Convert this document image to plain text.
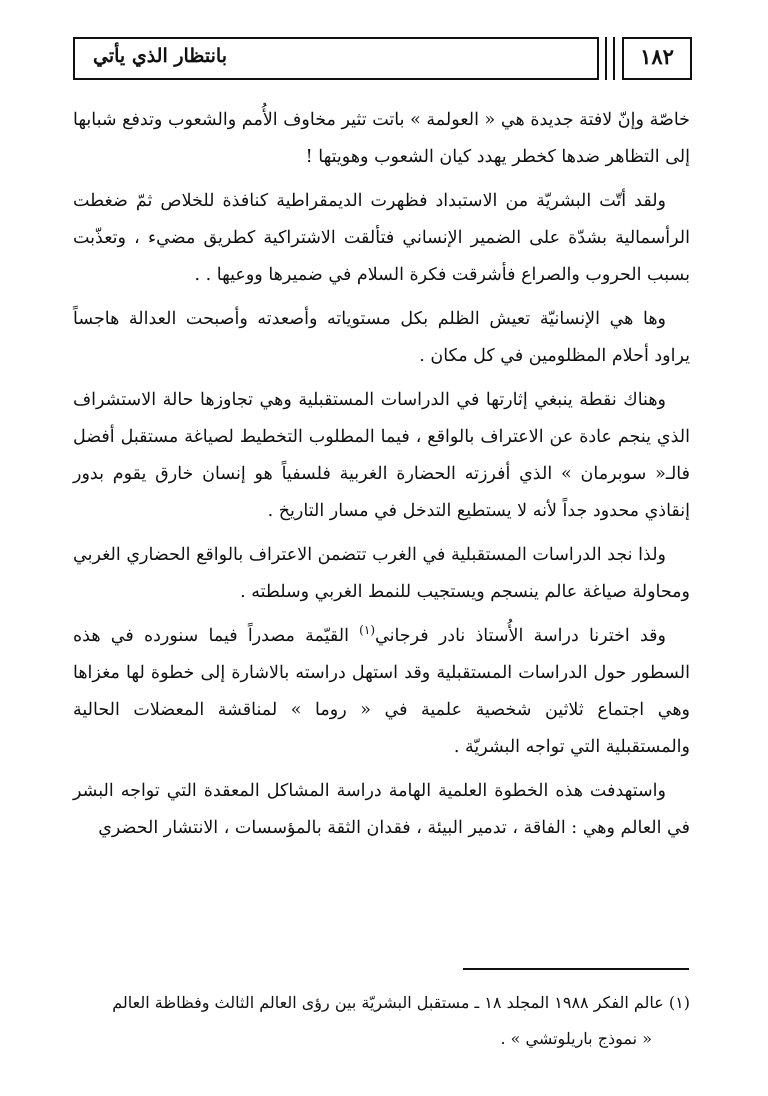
بانتظار الذي يأتي	١٨٢

خاصّة وإنّ لافتة جديدة هي « العولمة » باتت تثير مخاوف الأُمم والشعوب وتدفع شبابها إلى التظاهر ضدها كخطر يهدد كيان الشعوب وهويتها !

ولقد أتّت البشريّة من الاستبداد فظهرت الديمقراطية كنافذة للخلاص ثمّ ضغطت الرأسمالية بشدّة على الضمير الإنساني فتألقت الاشتراكية كطريق مضيء ، وتعذّبت بسبب الحروب والصراع فأشرقت فكرة السلام في ضميرها ووعيها . .

وها هي الإنسانيّة تعيش الظلم بكل مستوياته وأصعدته وأصبحت العدالة هاجساً يراود أحلام المظلومين في كل مكان .

وهناك نقطة ينبغي إثارتها في الدراسات المستقبلية وهي تجاوزها حالة الاستشراف الذي ينجم عادة عن الاعتراف بالواقع ، فيما المطلوب التخطيط لصياغة مستقبل أفضل فالـ« سوبرمان » الذي أفرزته الحضارة الغربية فلسفياً هو إنسان خارق يقوم بدور إنقاذي محدود جداً لأنه لا يستطيع التدخل في مسار التاريخ .

ولذا نجد الدراسات المستقبلية في الغرب تتضمن الاعتراف بالواقع الحضاري الغربي ومحاولة صياغة عالم ينسجم ويستجيب للنمط الغربي وسلطته .

وقد اخترنا دراسة الأُستاذ نادر فرجاني$^{(١)}$ القيّمة مصدراً فيما سنورده في هذه السطور حول الدراسات المستقبلية وقد استهل دراسته بالاشارة إلى خطوة لها مغزاها وهي اجتماع ثلاثين شخصية علمية في « روما » لمناقشة المعضلات الحالية والمستقبلية التي تواجه البشريّة .

واستهدفت هذه الخطوة العلمية الهامة دراسة المشاكل المعقدة التي تواجه البشر في العالم وهي : الفاقة ، تدمير البيئة ، فقدان الثقة بالمؤسسات ، الانتشار الحضري

(١) عالم الفكر ١٩٨٨ المجلد ١٨ ـ مستقبل البشريّة بين رؤى العالم الثالث وفظاظة العالم
« نموذج باريلوتشي » .
